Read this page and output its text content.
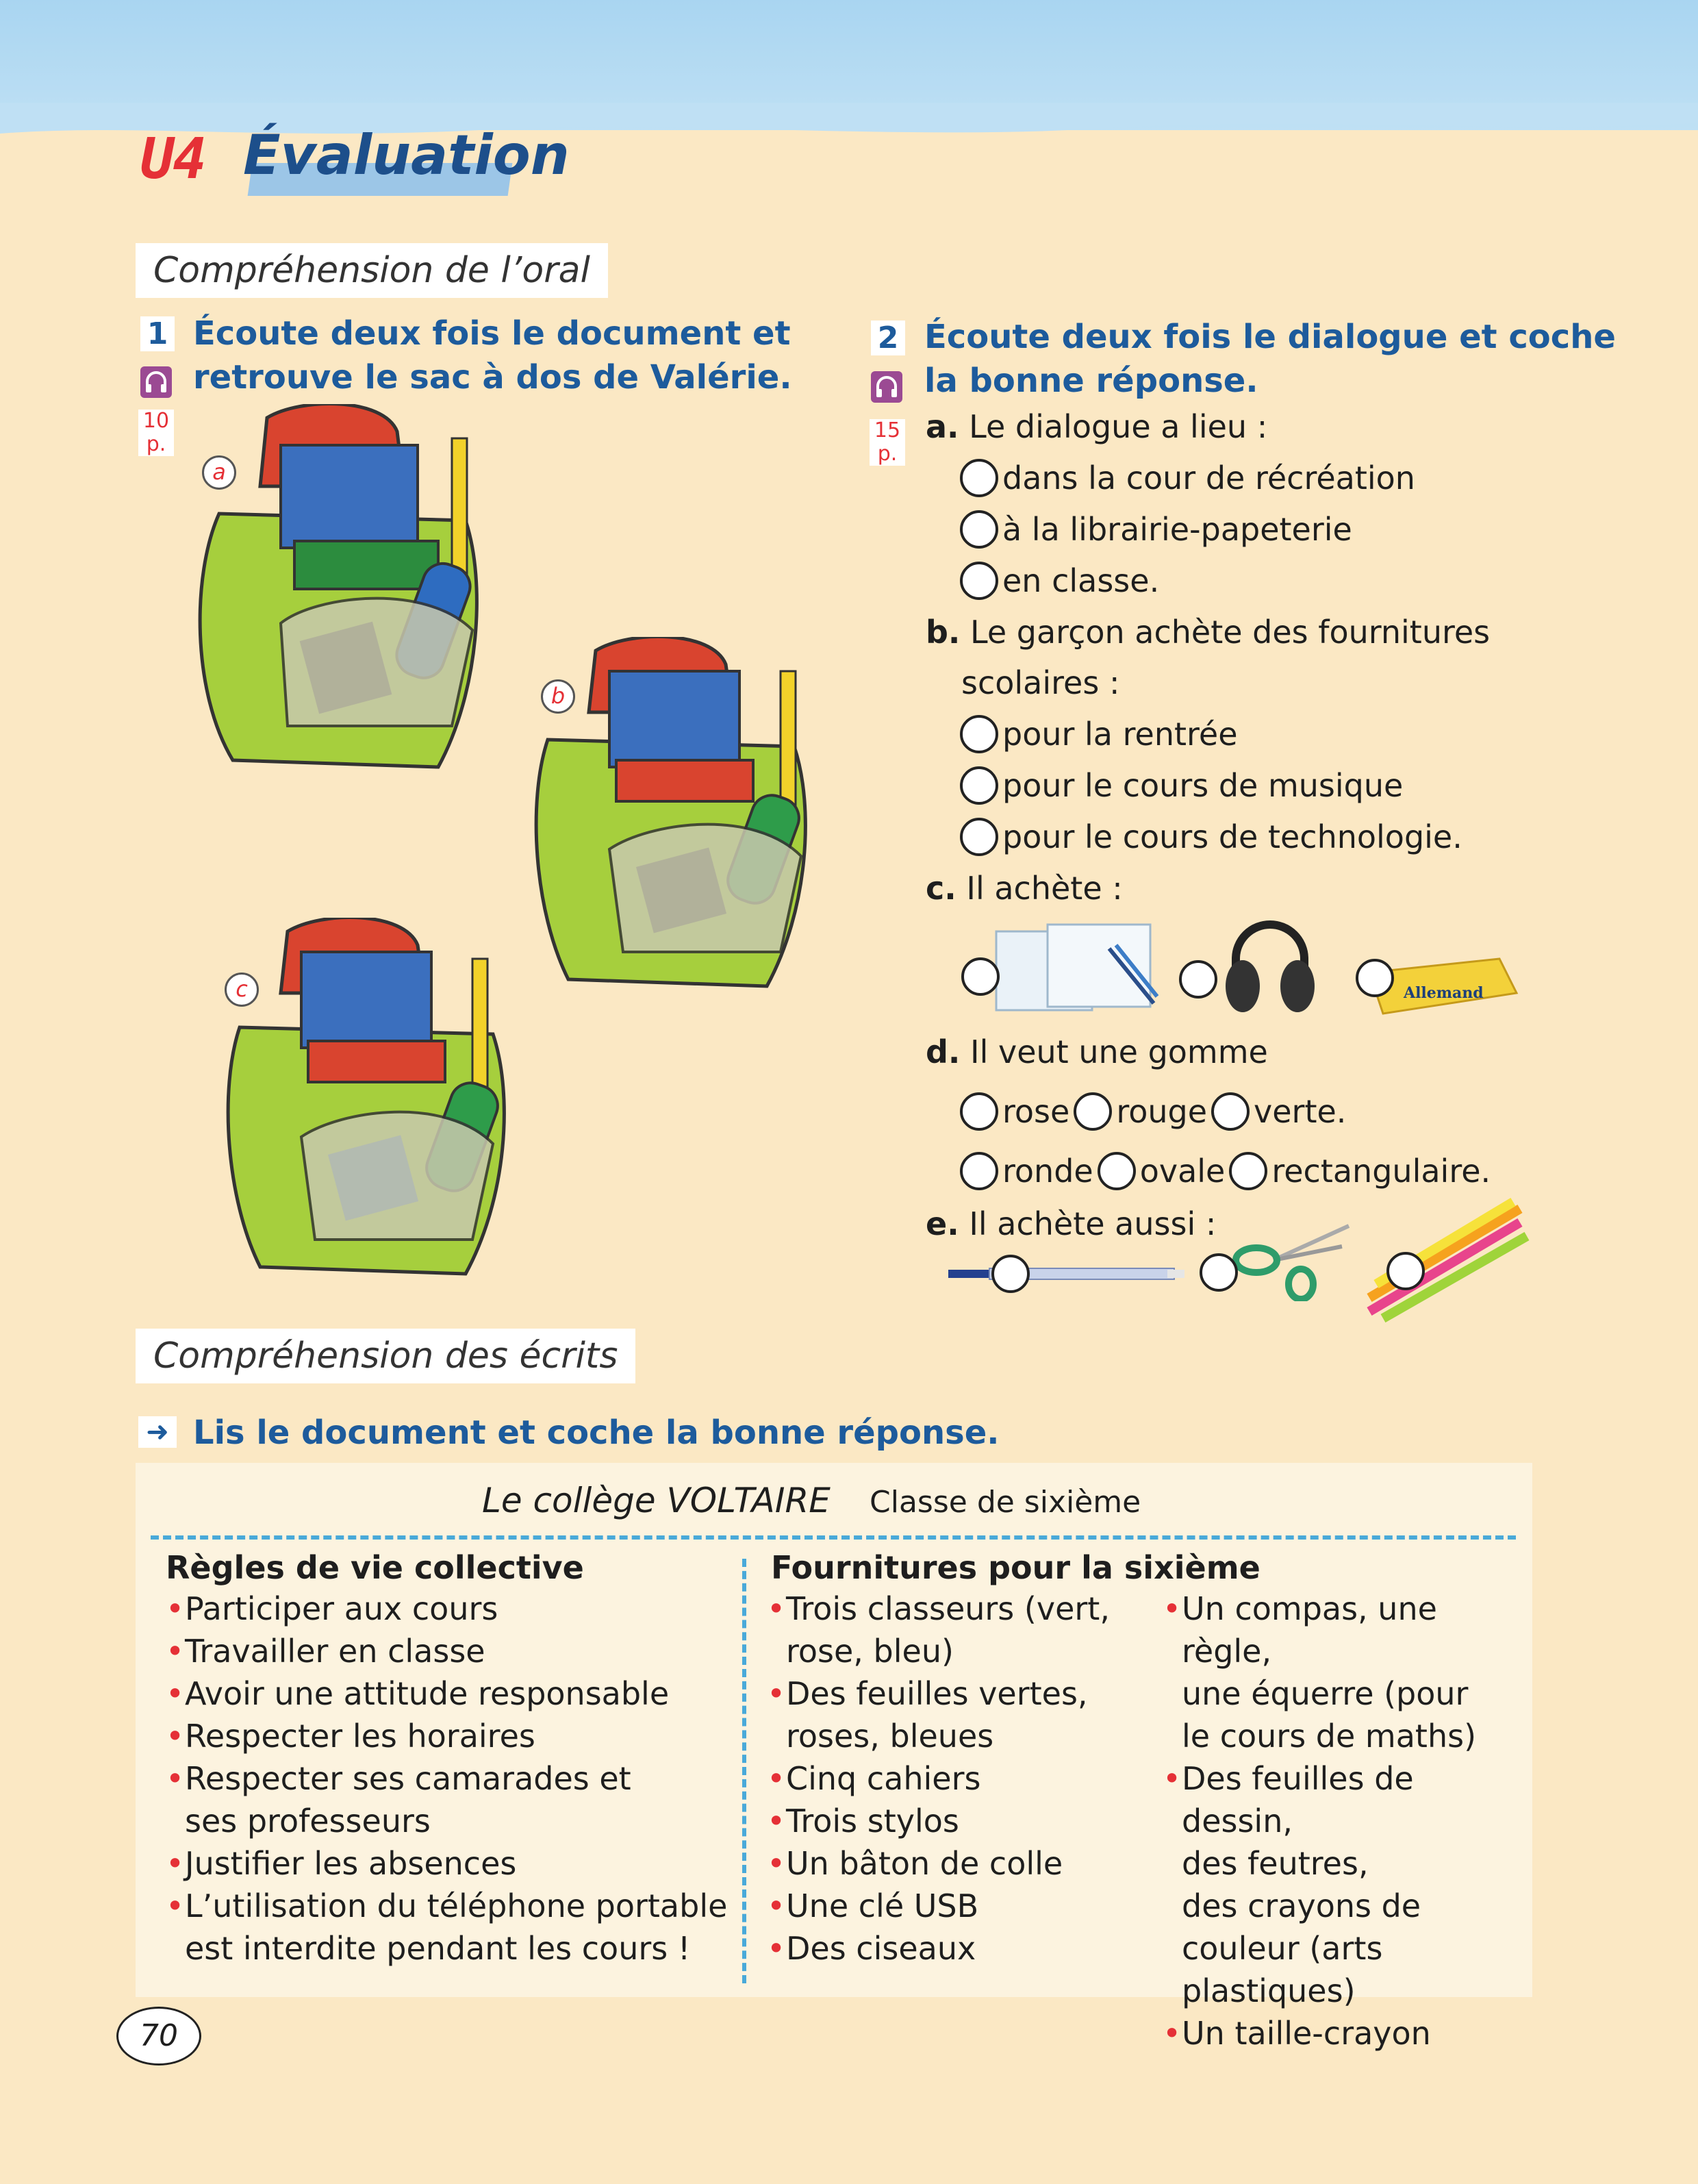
U4 Évaluation
Compréhension de l’oral
1 Écoute deux fois le document et
retrouve le sac à dos de Valérie.
10
p.
a
b
c
2 Écoute deux fois le dialogue et coche
la bonne réponse.
15
p.
a. Le dialogue a lieu :
dans la cour de récréation
à la librairie-papeterie
en classe.
b. Le garçon achète des fournitures
scolaires :
pour la rentrée
pour le cours de musique
pour le cours de technologie.
c. Il achète :
Allemand
d. Il veut une gomme
rose rouge verte.
ronde ovale rectangulaire.
e. Il achète aussi :
Compréhension des écrits
➜ Lis le document et coche la bonne réponse.
Le collège VOLTAIRE Classe de sixième
Règles de vie collective
• Participer aux cours
• Travailler en classe
• Avoir une attitude responsable
• Respecter les horaires
• Respecter ses camarades et
ses professeurs
• Justifier les absences
• L’utilisation du téléphone portable
est interdite pendant les cours !
Fournitures pour la sixième
• Trois classeurs (vert,
rose, bleu)
• Des feuilles vertes,
roses, bleues
• Cinq cahiers
• Trois stylos
• Un bâton de colle
• Une clé USB
• Des ciseaux
• Un compas, une règle,
une équerre (pour
le cours de maths)
• Des feuilles de dessin,
des feutres,
des crayons de
couleur (arts
plastiques)
• Un taille-crayon
70
